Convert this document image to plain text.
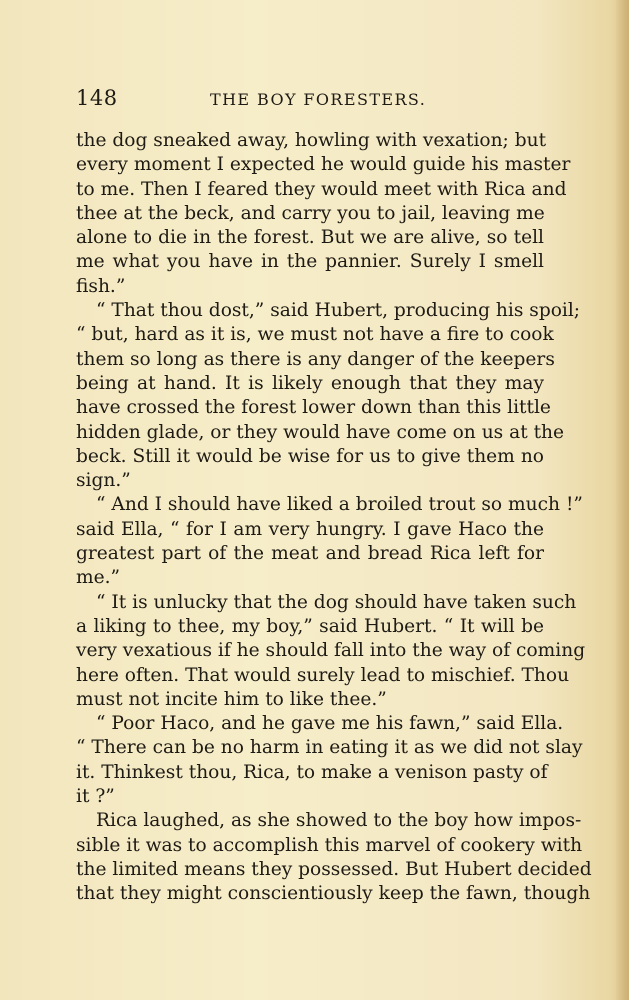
148	THE BOY FORESTERS.
the dog sneaked away, howling with vexation; but
every moment I expected he would guide his master
to me. Then I feared they would meet with Rica and
thee at the beck, and carry you to jail, leaving me
alone to die in the forest. But we are alive, so tell
me what you have in the pannier. Surely I smell
fish.”
“ That thou dost,” said Hubert, producing his spoil;
“ but, hard as it is, we must not have a fire to cook
them so long as there is any danger of the keepers
being at hand. It is likely enough that they may
have crossed the forest lower down than this little
hidden glade, or they would have come on us at the
beck. Still it would be wise for us to give them no
sign.”
“ And I should have liked a broiled trout so much !”
said Ella, “ for I am very hungry. I gave Haco the
greatest part of the meat and bread Rica left for
me.”
“ It is unlucky that the dog should have taken such
a liking to thee, my boy,” said Hubert. “ It will be
very vexatious if he should fall into the way of coming
here often. That would surely lead to mischief. Thou
must not incite him to like thee.”
“ Poor Haco, and he gave me his fawn,” said Ella.
“ There can be no harm in eating it as we did not slay
it. Thinkest thou, Rica, to make a venison pasty of
it ?”
Rica laughed, as she showed to the boy how impos-
sible it was to accomplish this marvel of cookery with
the limited means they possessed. But Hubert decided
that they might conscientiously keep the fawn, though
